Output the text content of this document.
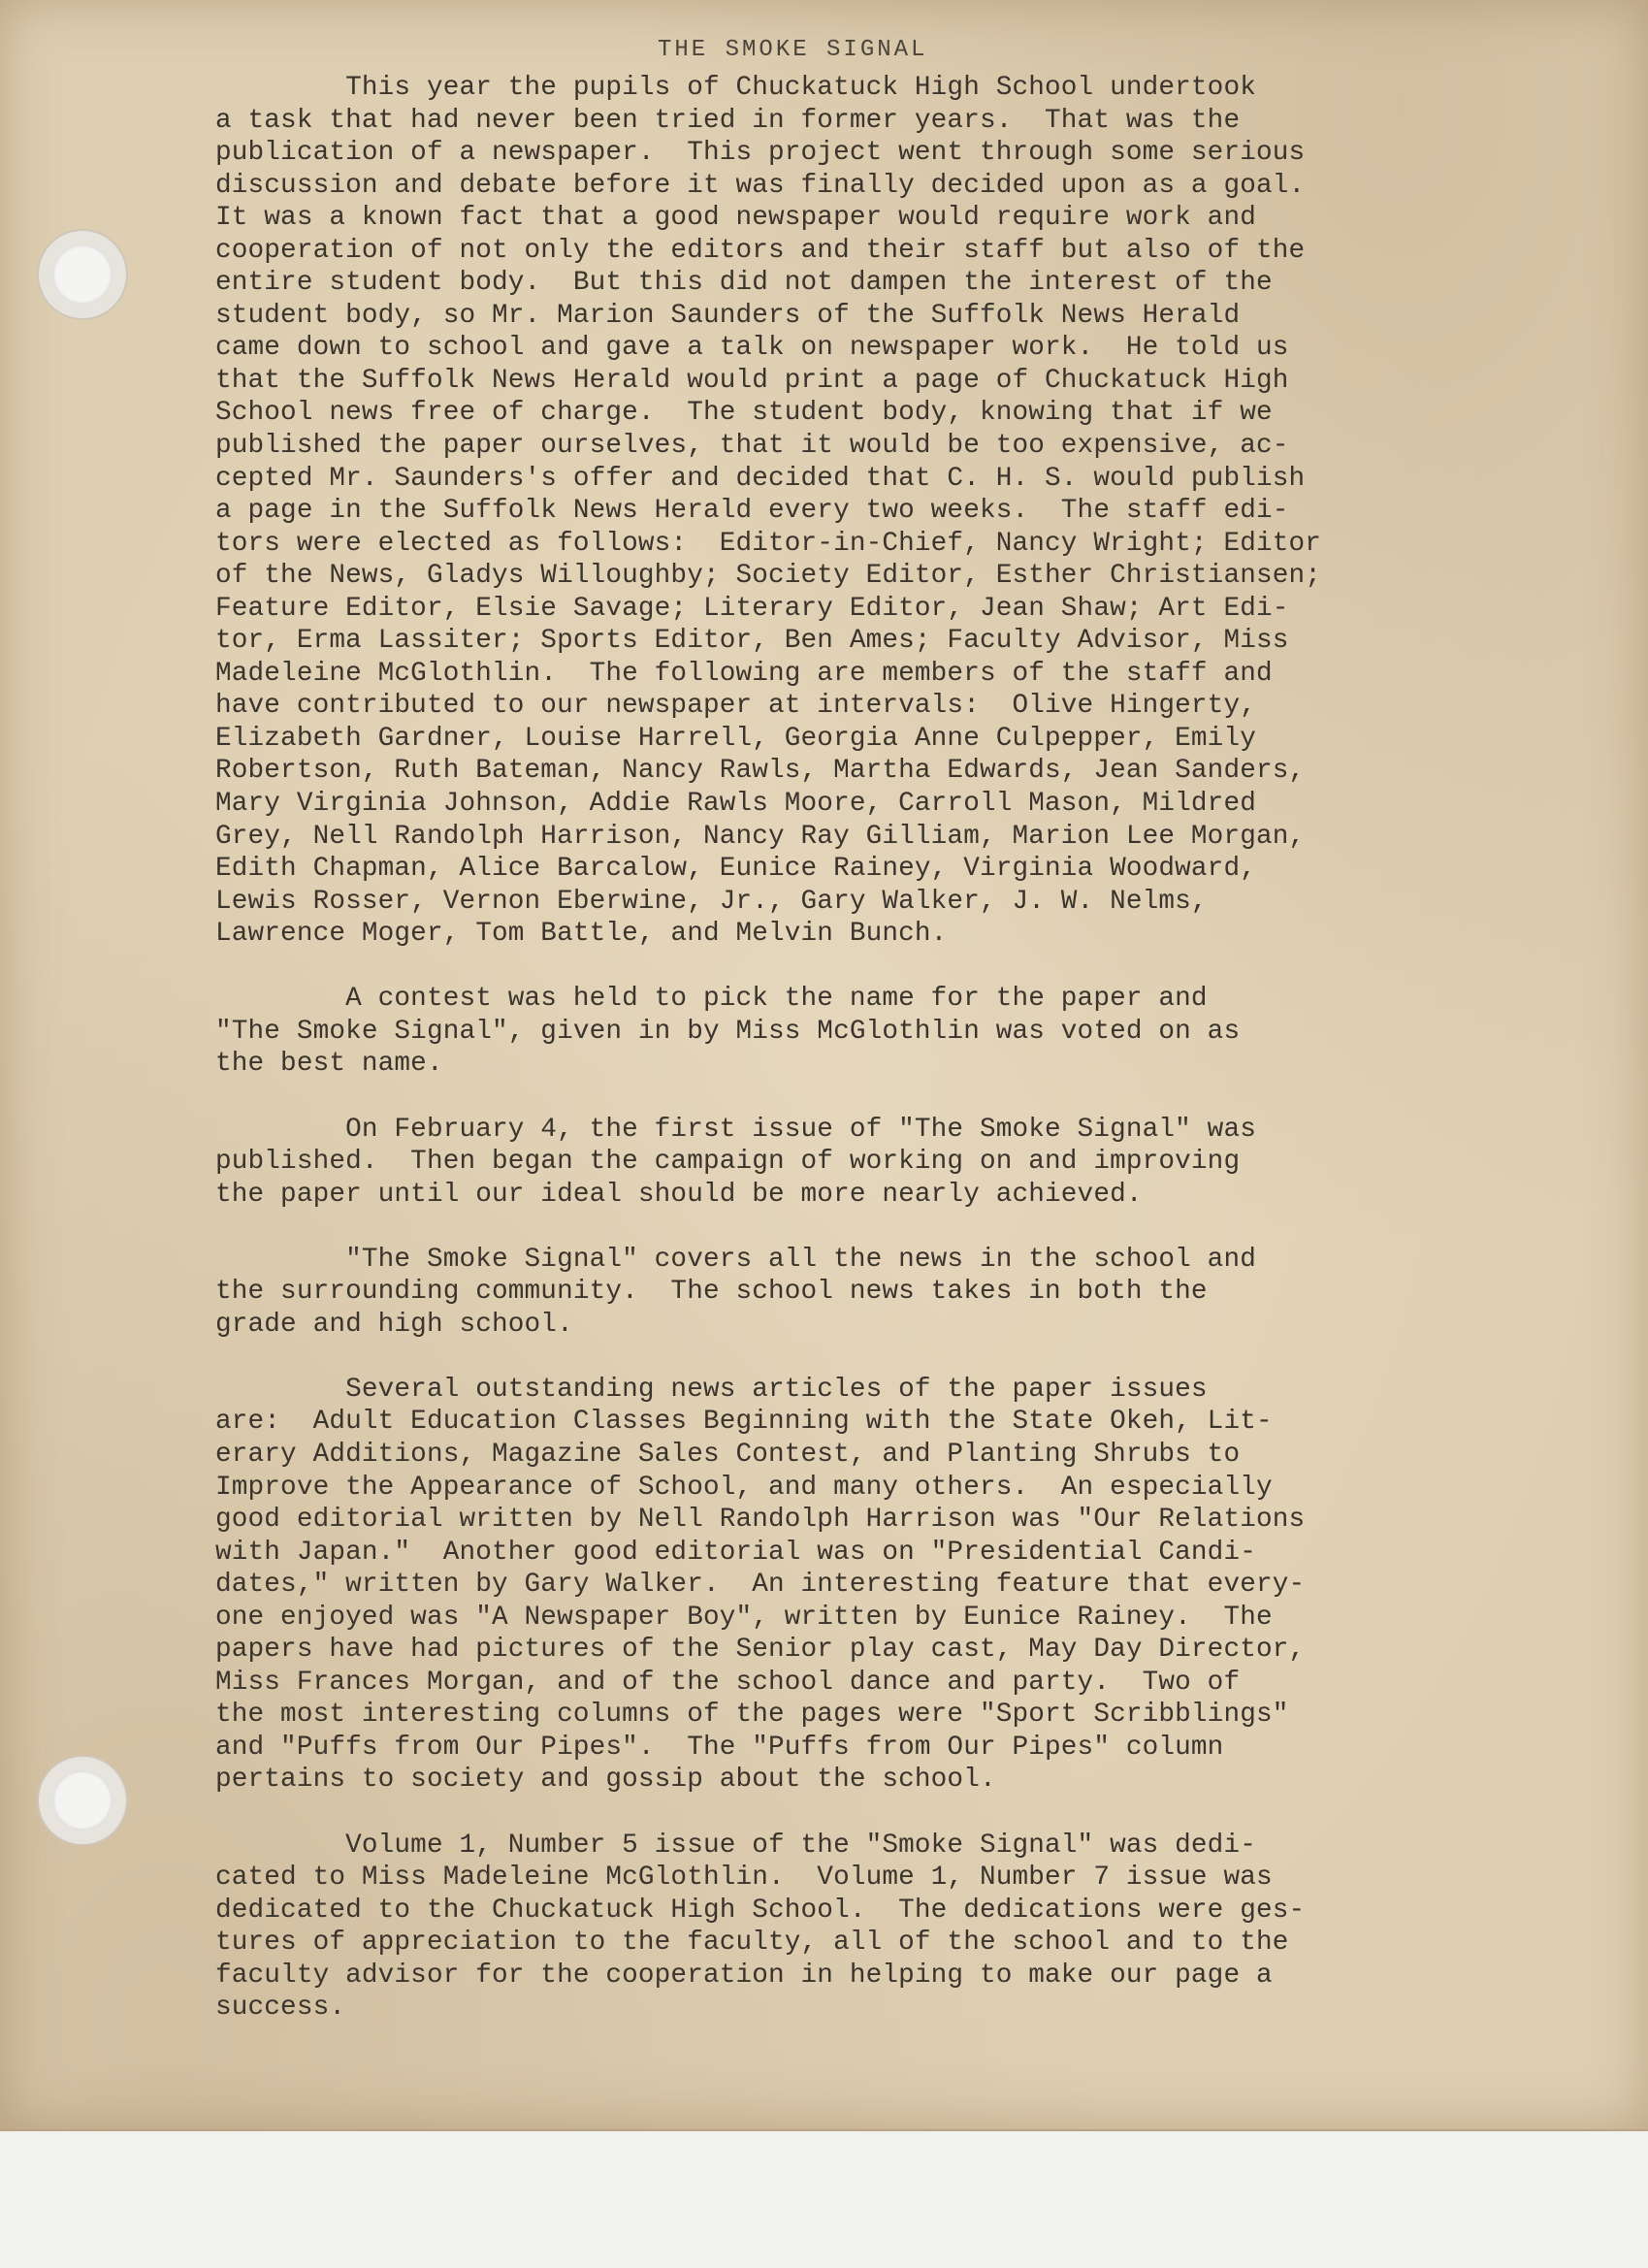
THE SMOKE SIGNAL
This year the pupils of Chuckatuck High School undertook
a task that had never been tried in former years.  That was the
publication of a newspaper.  This project went through some serious
discussion and debate before it was finally decided upon as a goal.
It was a known fact that a good newspaper would require work and
cooperation of not only the editors and their staff but also of the
entire student body.  But this did not dampen the interest of the
student body, so Mr. Marion Saunders of the Suffolk News Herald
came down to school and gave a talk on newspaper work.  He told us
that the Suffolk News Herald would print a page of Chuckatuck High
School news free of charge.  The student body, knowing that if we
published the paper ourselves, that it would be too expensive, ac-
cepted Mr. Saunders's offer and decided that C. H. S. would publish
a page in the Suffolk News Herald every two weeks.  The staff edi-
tors were elected as follows:  Editor-in-Chief, Nancy Wright; Editor
of the News, Gladys Willoughby; Society Editor, Esther Christiansen;
Feature Editor, Elsie Savage; Literary Editor, Jean Shaw; Art Edi-
tor, Erma Lassiter; Sports Editor, Ben Ames; Faculty Advisor, Miss
Madeleine McGlothlin.  The following are members of the staff and
have contributed to our newspaper at intervals:  Olive Hingerty,
Elizabeth Gardner, Louise Harrell, Georgia Anne Culpepper, Emily
Robertson, Ruth Bateman, Nancy Rawls, Martha Edwards, Jean Sanders,
Mary Virginia Johnson, Addie Rawls Moore, Carroll Mason, Mildred
Grey, Nell Randolph Harrison, Nancy Ray Gilliam, Marion Lee Morgan,
Edith Chapman, Alice Barcalow, Eunice Rainey, Virginia Woodward,
Lewis Rosser, Vernon Eberwine, Jr., Gary Walker, J. W. Nelms,
Lawrence Moger, Tom Battle, and Melvin Bunch.
A contest was held to pick the name for the paper and
"The Smoke Signal", given in by Miss McGlothlin was voted on as
the best name.
On February 4, the first issue of "The Smoke Signal" was
published.  Then began the campaign of working on and improving
the paper until our ideal should be more nearly achieved.
"The Smoke Signal" covers all the news in the school and
the surrounding community.  The school news takes in both the
grade and high school.
Several outstanding news articles of the paper issues
are:  Adult Education Classes Beginning with the State Okeh, Lit-
erary Additions, Magazine Sales Contest, and Planting Shrubs to
Improve the Appearance of School, and many others.  An especially
good editorial written by Nell Randolph Harrison was "Our Relations
with Japan."  Another good editorial was on "Presidential Candi-
dates," written by Gary Walker.  An interesting feature that every-
one enjoyed was "A Newspaper Boy", written by Eunice Rainey.  The
papers have had pictures of the Senior play cast, May Day Director,
Miss Frances Morgan, and of the school dance and party.  Two of
the most interesting columns of the pages were "Sport Scribblings"
and "Puffs from Our Pipes".  The "Puffs from Our Pipes" column
pertains to society and gossip about the school.
Volume 1, Number 5 issue of the "Smoke Signal" was dedi-
cated to Miss Madeleine McGlothlin.  Volume 1, Number 7 issue was
dedicated to the Chuckatuck High School.  The dedications were ges-
tures of appreciation to the faculty, all of the school and to the
faculty advisor for the cooperation in helping to make our page a
success.
